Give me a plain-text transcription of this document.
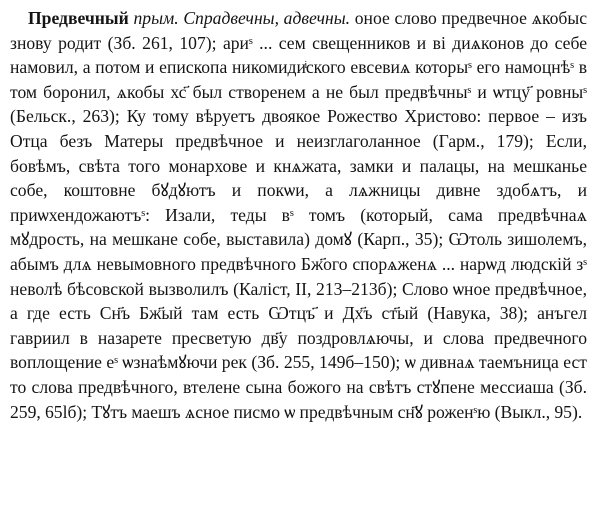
Предвечный прым. Спрадвечны, адвечны. оное слово предвечное ѧкобыс знову родит (Зб. 261, 107); ариˢ ... сем свещенников и ві диѧконов до себе намовил, а потом и епископа никомидиͥского евсевиѧ которыˢ его намоцнѣˢ в том боронил, ѧкобы хс҃ был створенем а не был предвѣчныˢ и ѡтцу҃ ровныˢ (Бельск., 263); Ку тому вѣруетъ двоякое Рожество Христово: первое – изъ Отца безъ Матеры предвѣчное и неизглаголанное (Гарм., 179); Если, бовѣмъ, свѣта того монархове и кнѧжата, замки и палацы, на мешканье собе, коштовне бꙋдꙋютъ и покѡи, а лѧжницы дивне здобѧтъ, и приѡхендожаютъˢ: Изали, теды вˢ томъ (который, сама предвѣчнаѧ мꙋдрость, на мешкане собе, выставила) домꙋ (Карп., 35); Ѡтоль зишолемъ, абымъ длѧ невымовного предвѣчного Бж҃ого спорѧженѧ ... нарѡд людскій зˢ неволѣ бѣсовской вызволилъ (Каліст, II, 213–213б); Слово ѡное предвѣчное, а где есть Сн҃ъ Бж҃ый там есть Ѡтцъ҃ и Дх҃ъ ст҃ый (Навука, 38); анъгел гавриил в назарете пресветую дв҃у поздровлѧючы, и слова предвечного воплощение еˢ ѡзнаѣмꙋючи рек (Зб. 255, 149б–150); ѡ дивнаѧ таемъница ест то слова предвѣчного, втелене сына божого на свѣтъ стꙋпене мессиаша (Зб. 259, 65lб); Тꙋтъ маешъ ѧсное писмо ѡ предвѣчным сн҃ꙋ роженˢю (Выкл., 95).
